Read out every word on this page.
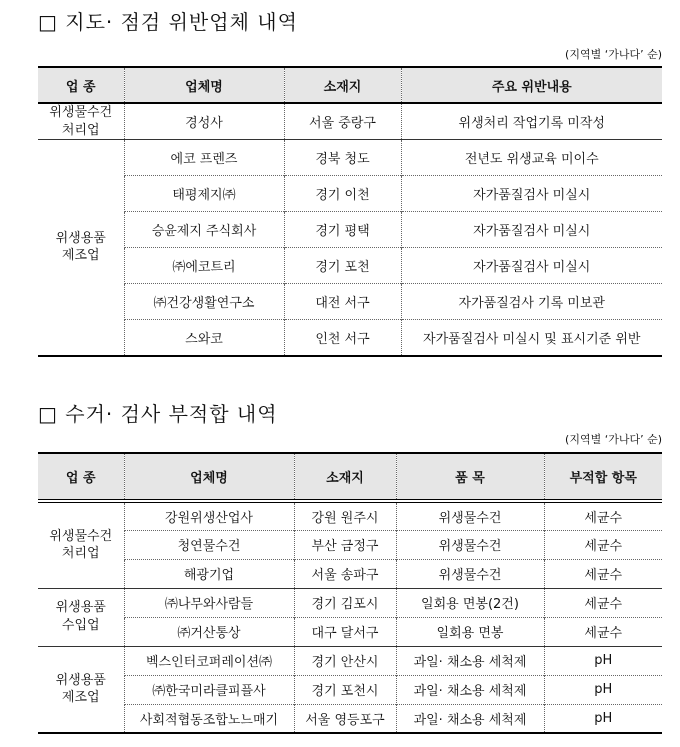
□ 지도· 점검 위반업체 내역
(지역별 ‘가나다’ 순)
업 종	업체명	소재지	주요 위반내용
위생물수건
처리업	경성사	서울 중랑구	위생처리 작업기록 미작성
위생용품
제조업	에코 프렌즈	경북 청도	전년도 위생교육 미이수
	태평제지㈜	경기 이천	자가품질검사 미실시
	승윤제지 주식회사	경기 평택	자가품질검사 미실시
	㈜에코트리	경기 포천	자가품질검사 미실시
	㈜건강생활연구소	대전 서구	자가품질검사 기록 미보관
	스와코	인천 서구	자가품질검사 미실시 및 표시기준 위반
□ 수거· 검사 부적합 내역
(지역별 ‘가나다’ 순)
업 종	업체명	소재지	품 목	부적합 항목
위생물수건
처리업	강원위생산업사	강원 원주시	위생물수건	세균수
	청연물수건	부산 금정구	위생물수건	세균수
	해광기업	서울 송파구	위생물수건	세균수
위생용품
수입업	㈜나무와사람들	경기 김포시	일회용 면봉(2건)	세균수
	㈜거산통상	대구 달서구	일회용 면봉	세균수
위생용품
제조업	벡스인터코퍼레이션㈜	경기 안산시	과일· 채소용 세척제	pH
	㈜한국미라클피플사	경기 포천시	과일· 채소용 세척제	pH
	사회적협동조합노느매기	서울 영등포구	과일· 채소용 세척제	pH
